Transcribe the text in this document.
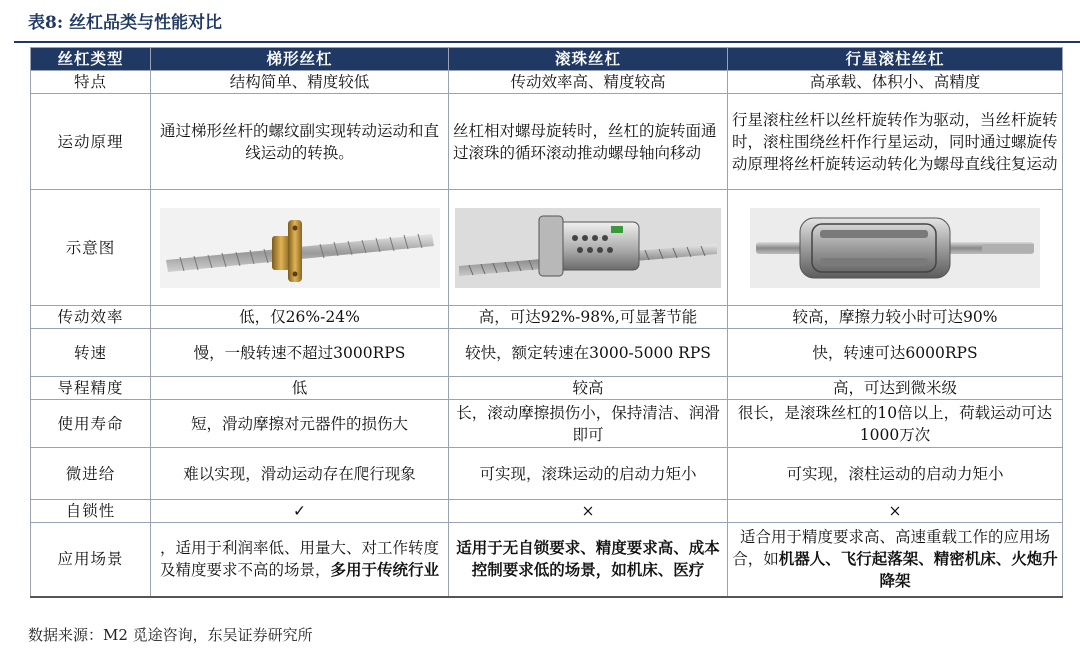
表8: 丝杠品类与性能对比
丝杠类型	梯形丝杠	滚珠丝杠	行星滚柱丝杠
特点	结构简单、精度较低	传动效率高、精度较高	高承载、体积小、高精度
运动原理	通过梯形丝杆的螺纹副实现转动运动和直线运动的转换。	丝杠相对螺母旋转时，丝杠的旋转面通过滚珠的循环滚动推动螺母轴向移动	行星滚柱丝杆以丝杆旋转作为驱动，当丝杆旋转时，滚柱围绕丝杆作行星运动，同时通过螺旋传动原理将丝杆旋转运动转化为螺母直线往复运动
示意图	

传动效率	低，仅26%-24%	高，可达92%-98%,可显著节能	较高，摩擦力较小时可达90%
转速	慢，一般转速不超过3000RPS	较快，额定转速在3000-5000 RPS	快，转速可达6000RPS
导程精度	低	较高	高，可达到微米级
使用寿命	短，滑动摩擦对元器件的损伤大	长，滚动摩擦损伤小，保持清洁、润滑即可	很长，是滚珠丝杠的10倍以上，荷载运动可达1000万次
微进给	难以实现，滑动运动存在爬行现象	可实现，滚珠运动的启动力矩小	可实现，滚柱运动的启动力矩小
自锁性	✓	×	×
应用场景	，适用于利润率低、用量大、对工作转度及精度要求不高的场景，多用于传统行业	适用于无自锁要求、精度要求高、成本控制要求低的场景，如机床、医疗	适合用于精度要求高、高速重载工作的应用场合，如机器人、飞行起落架、精密机床、火炮升降架
数据来源：M2 觅途咨询，东吴证券研究所
